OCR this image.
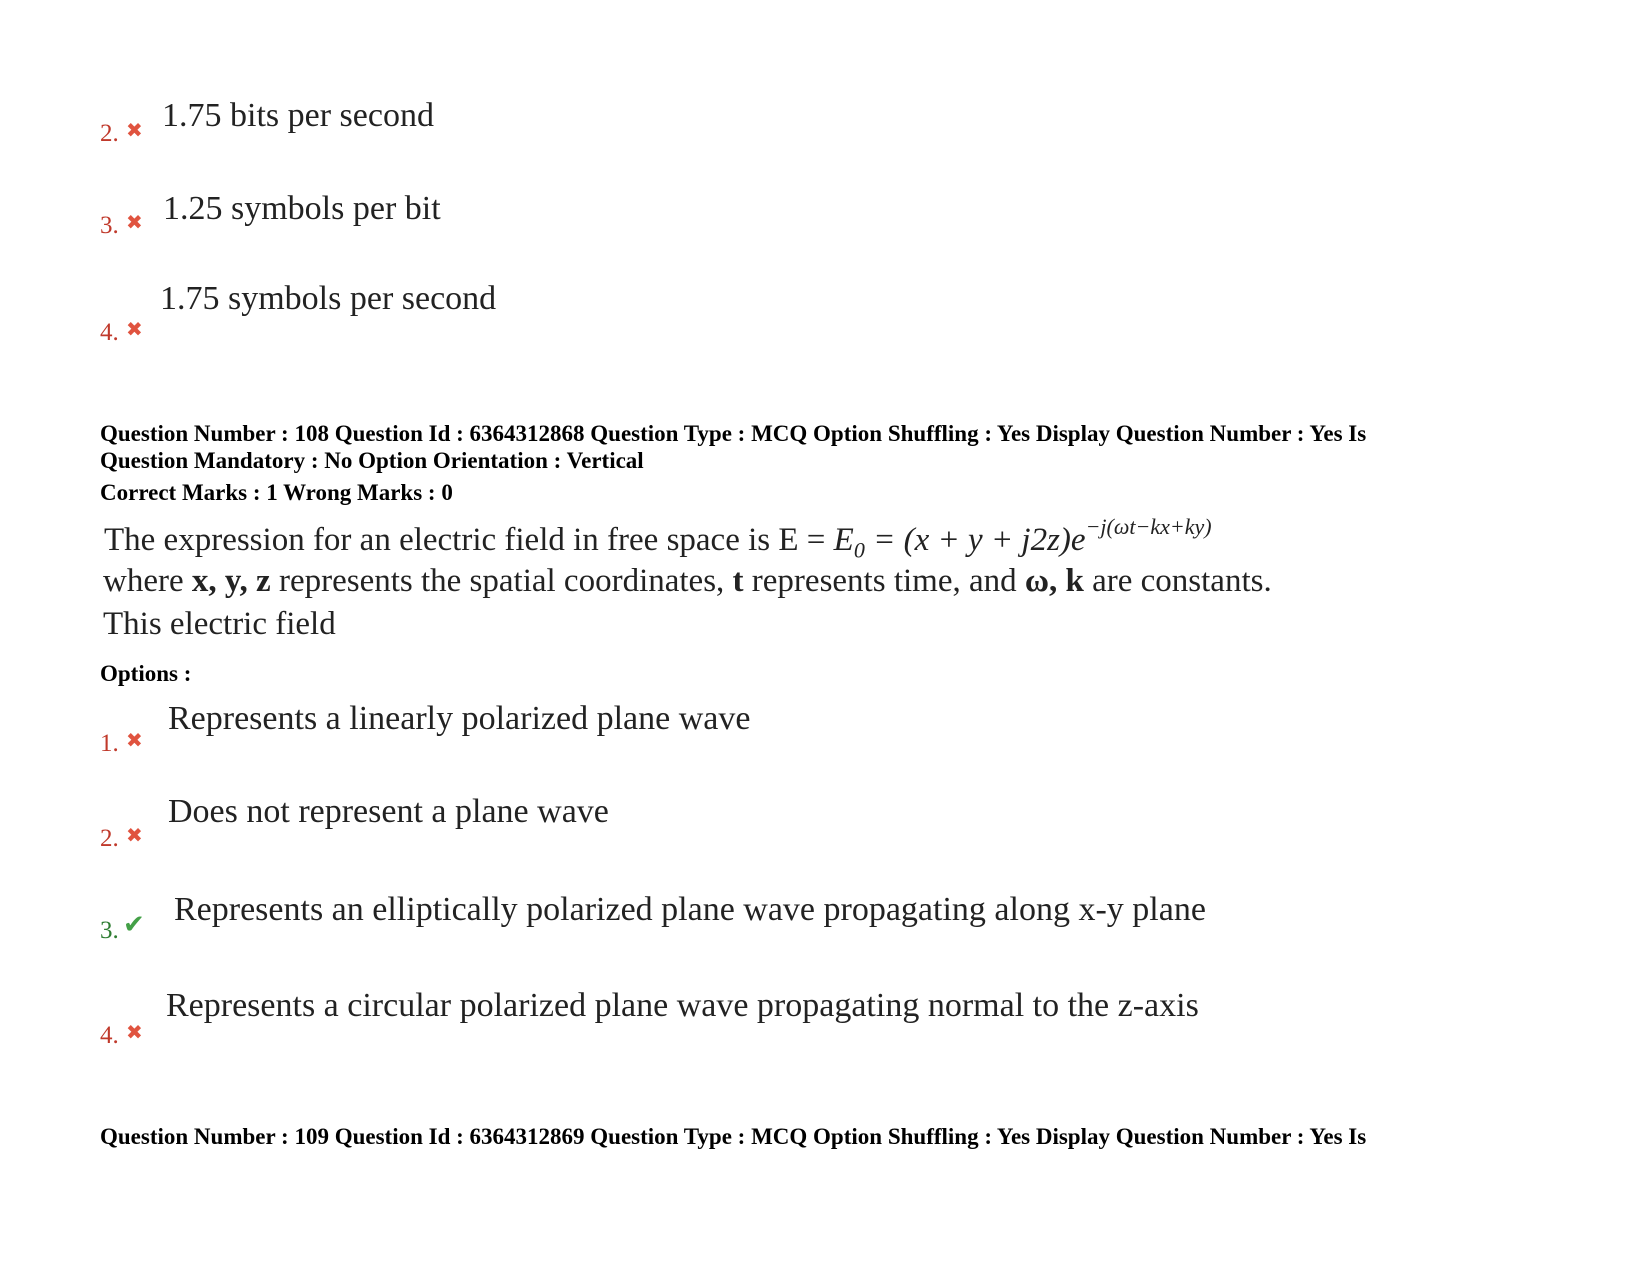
2. ✖ 1.75 bits per second
3. ✖ 1.25 symbols per bit
4. ✖
1.75 symbols per second
Question Number : 108 Question Id : 6364312868 Question Type : MCQ Option Shuffling : Yes Display Question Number : Yes Is
Question Mandatory : No Option Orientation : Vertical
Correct Marks : 1 Wrong Marks : 0
The expression for an electric field in free space is $E = E_0 = (x + y + j2z)e^{-j(\omega t-kx+ky)}$
where x, y, z represents the spatial coordinates, t represents time, and ω, k are constants.
This electric field
Options :
1. ✖
Represents a linearly polarized plane wave
2. ✖
Does not represent a plane wave
3. ✔ Represents an elliptically polarized plane wave propagating along x-y plane
4. ✖
Represents a circular polarized plane wave propagating normal to the z-axis
Question Number : 109 Question Id : 6364312869 Question Type : MCQ Option Shuffling : Yes Display Question Number : Yes Is
